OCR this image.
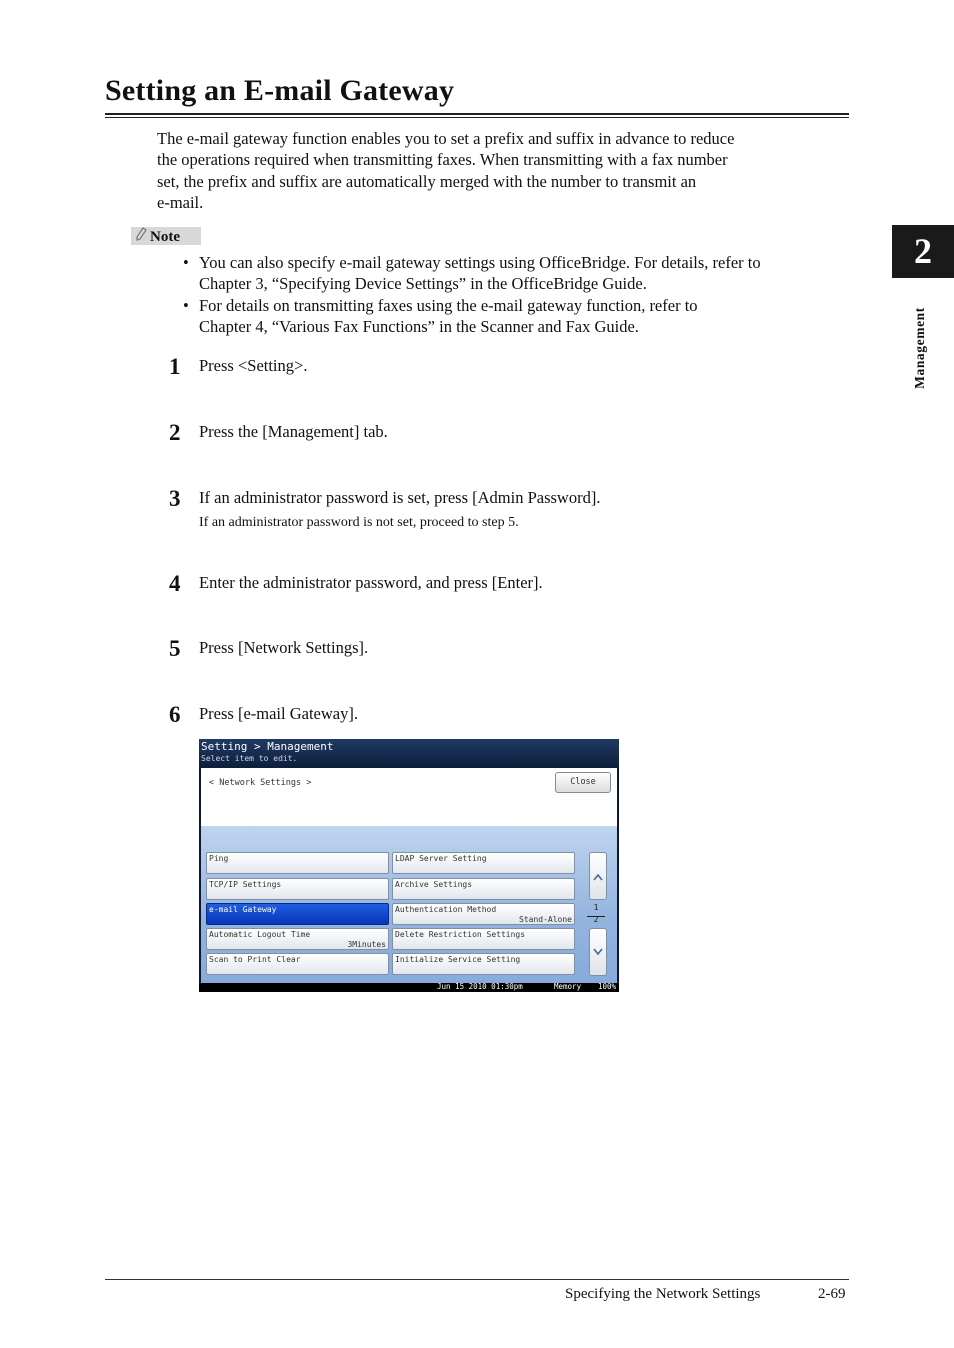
Setting an E-mail Gateway
The e-mail gateway function enables you to set a prefix and suffix in advance to reduce
the operations required when transmitting faxes. When transmitting with a fax number
set, the prefix and suffix are automatically merged with the number to transmit an
e-mail.
Note
• You can also specify e-mail gateway settings using OfficeBridge. For details, refer to
Chapter 3, “Specifying Device Settings” in the OfficeBridge Guide.
• For details on transmitting faxes using the e-mail gateway function, refer to
Chapter 4, “Various Fax Functions” in the Scanner and Fax Guide.
1 Press <Setting>.
2 Press the [Management] tab.
3 If an administrator password is set, press [Admin Password].
If an administrator password is not set, proceed to step 5.
4 Enter the administrator password, and press [Enter].
5 Press [Network Settings].
6 Press [e-mail Gateway].
Setting > Management
Select item to edit.
< Network Settings >	Close
Ping
TCP/IP Settings
e-mail Gateway
Automatic Logout Time
3Minutes
Scan to Print Clear
LDAP Server Setting
Archive Settings
Authentication Method
Stand-Alone
Delete Restriction Settings
Initialize Service Setting
1
2
Jun 15 2010 01:30pm	Memory 100%
2
Management
Specifying the Network Settings	2-69
